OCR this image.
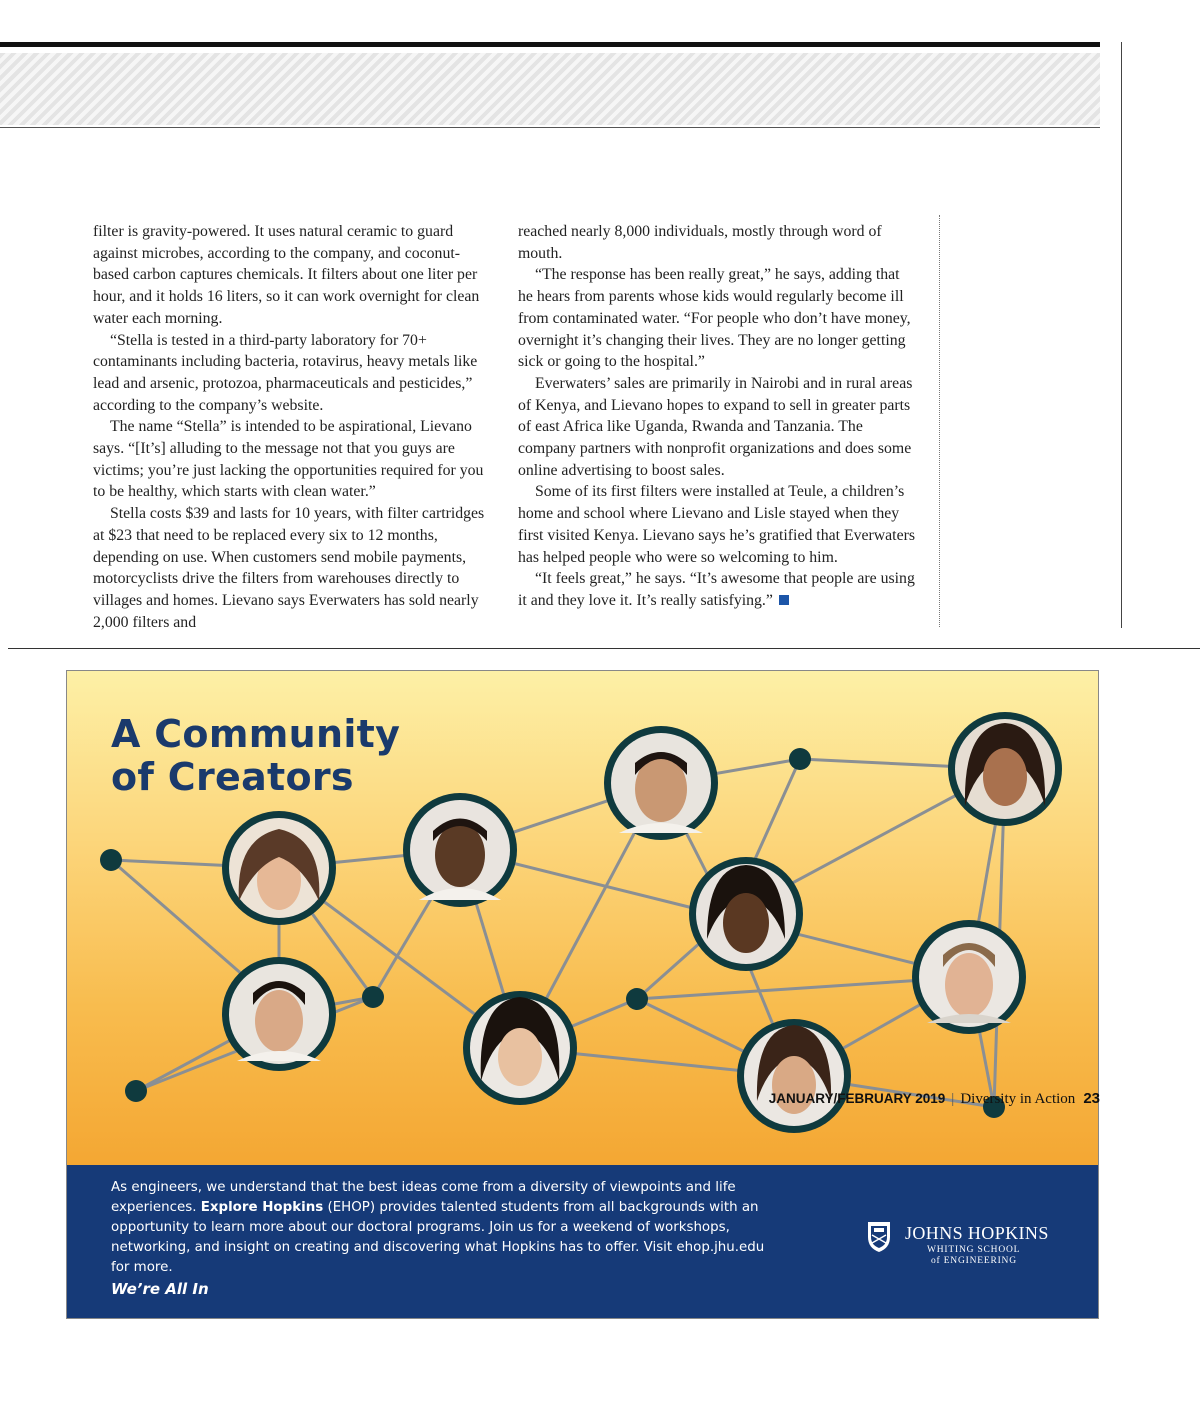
filter is gravity-powered. It uses natural ceramic to guard against microbes, according to the company, and coconut-based carbon captures chemicals. It filters about one liter per hour, and it holds 16 liters, so it can work overnight for clean water each morning.

“Stella is tested in a third-party laboratory for 70+ contaminants including bacteria, rotavirus, heavy metals like lead and arsenic, protozoa, pharmaceuticals and pesticides,” according to the company’s website.

The name “Stella” is intended to be aspirational, Lievano says. “[It’s] alluding to the message not that you guys are victims; you’re just lacking the opportunities required for you to be healthy, which starts with clean water.”

Stella costs $39 and lasts for 10 years, with filter cartridges at $23 that need to be replaced every six to 12 months, depending on use. When customers send mobile payments, motorcyclists drive the filters from warehouses directly to villages and homes. Lievano says Everwaters has sold nearly 2,000 filters and

reached nearly 8,000 individuals, mostly through word of mouth.

“The response has been really great,” he says, adding that he hears from parents whose kids would regularly become ill from contaminated water. “For people who don’t have money, overnight it’s changing their lives. They are no longer getting sick or going to the hospital.”

Everwaters’ sales are primarily in Nairobi and in rural areas of Kenya, and Lievano hopes to expand to sell in greater parts of east Africa like Uganda, Rwanda and Tanzania. The company partners with nonprofit organizations and does some online advertising to boost sales.

Some of its first filters were installed at Teule, a children’s home and school where Lievano and Lisle stayed when they first visited Kenya. Lievano says he’s gratified that Everwaters has helped people who were so welcoming to him.

“It feels great,” he says. “It’s awesome that people are using it and they love it. It’s really satisfying.”

A Community
of Creators

As engineers, we understand that the best ideas come from a diversity of viewpoints and life experiences. Explore Hopkins (EHOP) provides talented students from all backgrounds with an opportunity to learn more about our doctoral programs. Join us for a weekend of workshops, networking, and insight on creating and discovering what Hopkins has to offer. Visit ehop.jhu.edu for more.

We’re All In
JOHNS HOPKINS
WHITING SCHOOL
of ENGINEERING
JANUARY/FEBRUARY 2019 | Diversity in Action 23
